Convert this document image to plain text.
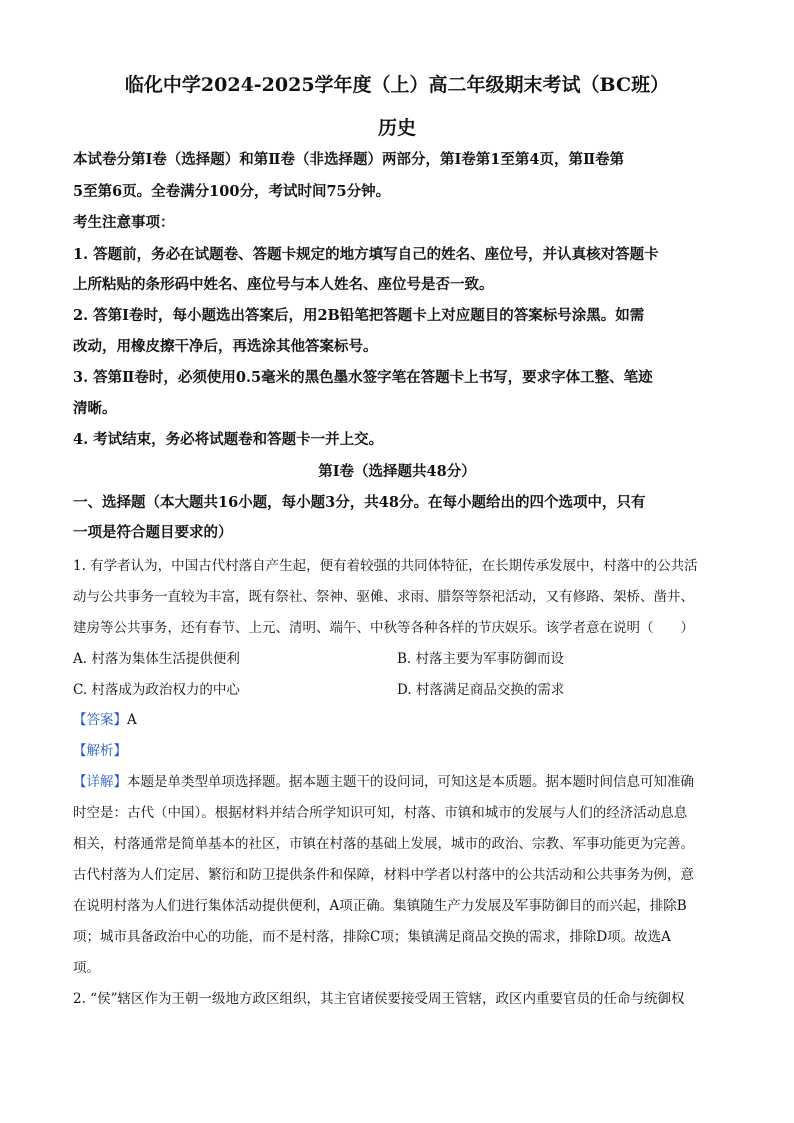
临化中学2024-2025学年度（上）高二年级期末考试（BC班）
历史
本试卷分第Ⅰ卷（选择题）和第Ⅱ卷（非选择题）两部分，第Ⅰ卷第1至第4页，第Ⅱ卷第
5至第6页。全卷满分100分，考试时间75分钟。
考生注意事项：
1. 答题前，务必在试题卷、答题卡规定的地方填写自己的姓名、座位号，并认真核对答题卡
上所粘贴的条形码中姓名、座位号与本人姓名、座位号是否一致。
2. 答第Ⅰ卷时，每小题选出答案后，用2B铅笔把答题卡上对应题目的答案标号涂黑。如需
改动，用橡皮擦干净后，再选涂其他答案标号。
3. 答第Ⅱ卷时，必须使用0.5毫米的黑色墨水签字笔在答题卡上书写，要求字体工整、笔迹
清晰。
4. 考试结束，务必将试题卷和答题卡一并上交。
第Ⅰ卷（选择题共48分）
一、选择题（本大题共16小题，每小题3分，共48分。在每小题给出的四个选项中，只有
一项是符合题目要求的）
1. 有学者认为，中国古代村落自产生起，便有着较强的共同体特征，在长期传承发展中，村落中的公共活
动与公共事务一直较为丰富，既有祭社、祭神、驱傩、求雨、腊祭等祭祀活动，又有修路、架桥、凿井、
建房等公共事务，还有春节、上元、清明、端午、中秋等各种各样的节庆娱乐。该学者意在说明（　　）
A. 村落为集体生活提供便利	B. 村落主要为军事防御而设
C. 村落成为政治权力的中心	D. 村落满足商品交换的需求
【答案】A
【解析】
【详解】本题是单类型单项选择题。据本题主题干的设问词，可知这是本质题。据本题时间信息可知准确
时空是：古代（中国）。根据材料并结合所学知识可知，村落、市镇和城市的发展与人们的经济活动息息
相关，村落通常是简单基本的社区，市镇在村落的基础上发展，城市的政治、宗教、军事功能更为完善。
古代村落为人们定居、繁衍和防卫提供条件和保障，材料中学者以村落中的公共活动和公共事务为例，意
在说明村落为人们进行集体活动提供便利，A项正确。集镇随生产力发展及军事防御目的而兴起，排除B
项；城市具备政治中心的功能，而不是村落，排除C项；集镇满足商品交换的需求，排除D项。故选A
项。
2. “侯”辖区作为王朝一级地方政区组织，其主官诸侯要接受周王管辖，政区内重要官员的任命与统御权
